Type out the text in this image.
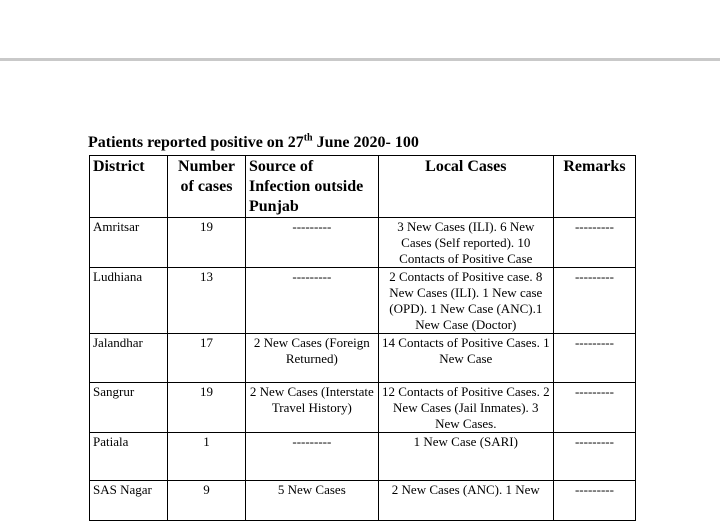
Patients reported positive on 27th June 2020- 100
District	Number of cases	Source of Infection outside Punjab	Local Cases	Remarks
Amritsar	19	---------	3 New Cases (ILI). 6 New Cases (Self reported). 10 Contacts of Positive Case	---------
Ludhiana	13	---------	2 Contacts of Positive case. 8 New Cases (ILI). 1 New case (OPD). 1 New Case (ANC).1 New Case (Doctor)	---------
Jalandhar	17	2 New Cases (Foreign Returned)	14 Contacts of Positive Cases. 1 New Case	---------
Sangrur	19	2 New Cases (Interstate Travel History)	12 Contacts of Positive Cases. 2 New Cases (Jail Inmates). 3 New Cases.	---------
Patiala	1	---------	1 New Case (SARI)	---------
SAS Nagar	9	5 New Cases	2 New Cases (ANC). 1 New	---------
